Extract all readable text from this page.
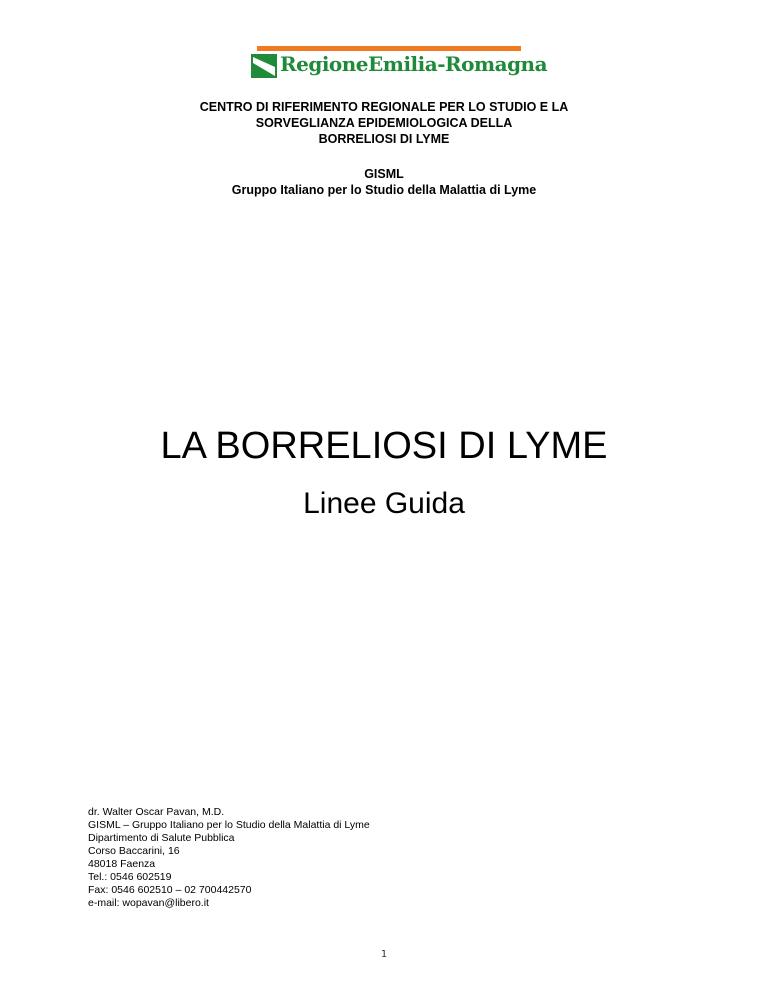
RegioneEmilia-Romagna
CENTRO DI RIFERIMENTO REGIONALE PER LO STUDIO E LA
SORVEGLIANZA EPIDEMIOLOGICA DELLA
BORRELIOSI DI LYME
GISML
Gruppo Italiano per lo Studio della Malattia di Lyme
LA BORRELIOSI DI LYME
Linee Guida
dr. Walter Oscar Pavan, M.D.
GISML – Gruppo Italiano per lo Studio della Malattia di Lyme
Dipartimento di Salute Pubblica
Corso Baccarini, 16
48018 Faenza
Tel.: 0546 602519
Fax: 0546 602510 – 02 700442570
e-mail: wopavan@libero.it
1
